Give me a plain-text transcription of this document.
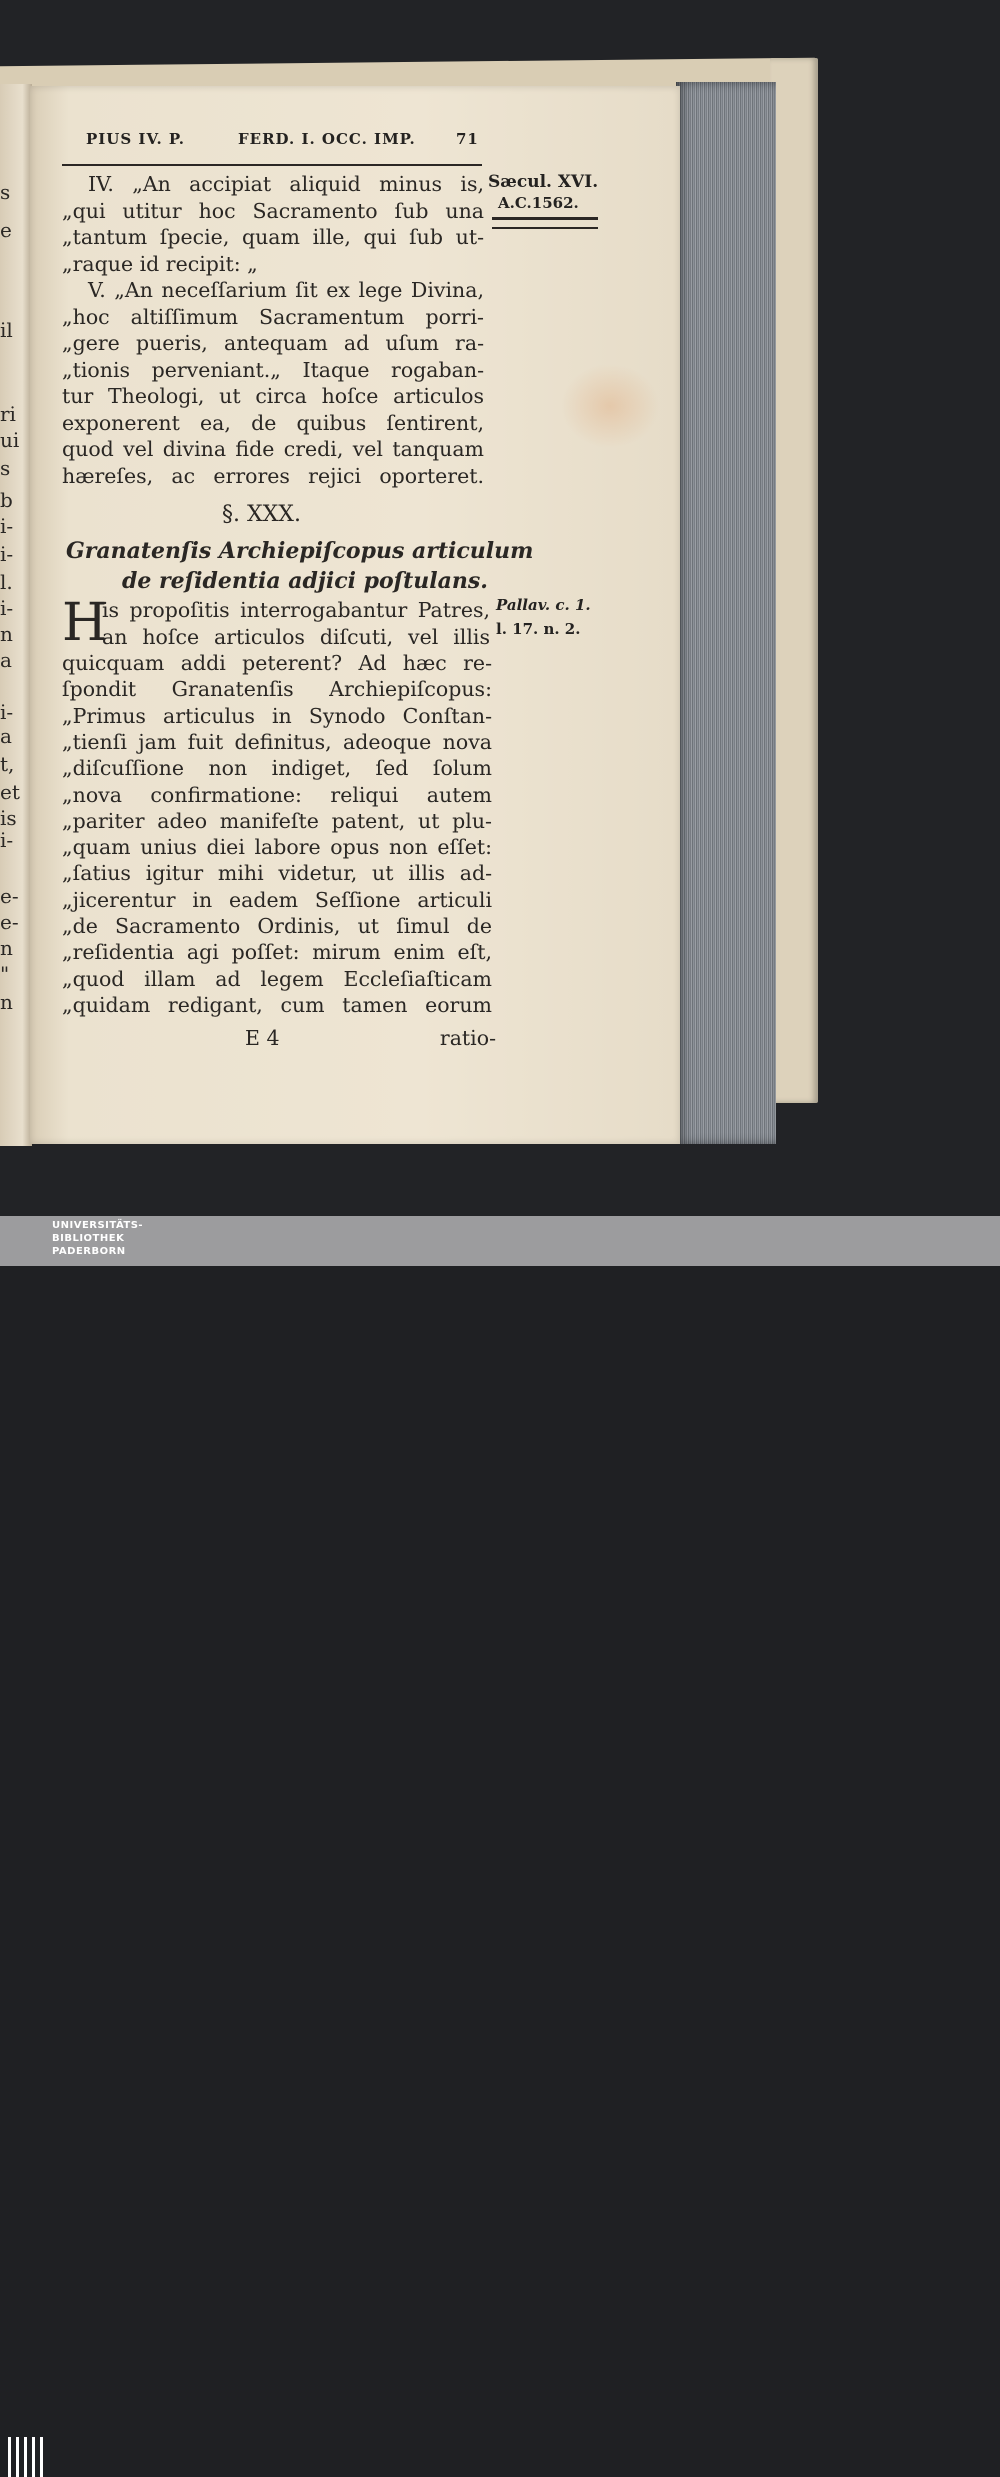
s
e
il
ri
ui
s
b
i-
i-
l.
i-
n
a
i-
a
t,
et
is
i-
e-
e-
n
"
n
PIUS IV. P.	FERD. I. OCC. IMP.	71
Sæcul. XVI.
A.C.1562.
IV. „An accipiat aliquid minus is,
„qui utitur hoc Sacramento ſub una
„tantum ſpecie, quam ille, qui ſub ut-
„raque id recipit: „
V. „An neceſſarium ſit ex lege Divina,
„hoc altiſſimum Sacramentum porri-
„gere pueris, antequam ad uſum ra-
„tionis perveniant.„ Itaque rogaban-
tur Theologi, ut circa hoſce articulos
exponerent ea, de quibus ſentirent,
quod vel divina fide credi, vel tanquam
hæreſes, ac errores rejici oporteret.
§. XXX.
Granatenſis Archiepiſcopus articulum
de reſidentia adjici poſtulans.
H	Pallav. c. 1.
l. 17. n. 2.
is propoſitis interrogabantur Patres,
an hoſce articulos diſcuti, vel illis
quicquam addi peterent? Ad hæc re-
ſpondit Granatenſis Archiepiſcopus:
„Primus articulus in Synodo Conſtan-
„tienſi jam fuit definitus, adeoque nova
„diſcuſſione non indiget, ſed ſolum
„nova confirmatione: reliqui autem
„pariter adeo manifeſte patent, ut plu-
„quam unius diei labore opus non eſſet:
„ſatius igitur mihi videtur, ut illis ad-
„jicerentur in eadem Seſſione articuli
„de Sacramento Ordinis, ut ſimul de
„reſidentia agi poſſet: mirum enim eſt,
„quod illam ad legem Eccleſiaſticam
„quidam redigant, cum tamen eorum
E 4	ratio-
UNIVERSITÄTS-
BIBLIOTHEK
PADERBORN
